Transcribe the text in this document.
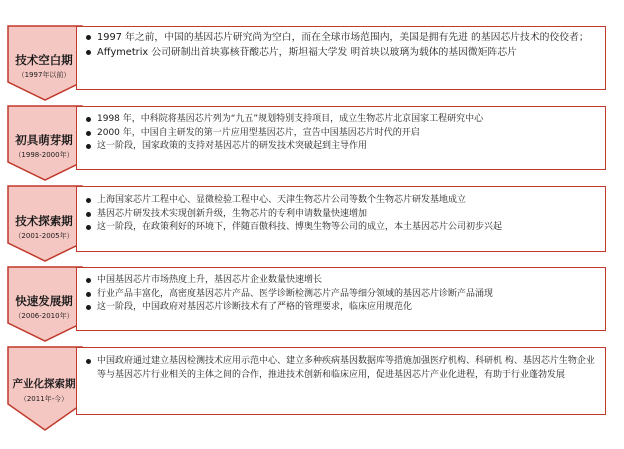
技术空白期
（1997年以前）
初具萌芽期
（1998-2000年）
技术探索期
（2001-2005年）
快速发展期
（2006-2010年）
产业化探索期
（2011年-今）
1997 年之前，中国的基因芯片研究尚为空白，而在全球市场范围内，美国是拥有先进 的基因芯片技术的佼佼者；
Affymetrix 公司研制出首块寡核苷酸芯片，斯坦福大学发 明首块以玻璃为载体的基因微矩阵芯片
1998 年，中科院将基因芯片列为“九五”规划特别支持项目，成立生物芯片北京国家工程研究中心
2000 年，中国自主研发的第一片应用型基因芯片，宣告中国基因芯片时代的开启
这一阶段，国家政策的支持对基因芯片的研发技术突破起到主导作用
上海国家芯片工程中心、显微检验工程中心、天津生物芯片公司等数个生物芯片研发基地成立
基因芯片研发技术实现创新升级，生物芯片的专利申请数量快速增加
这一阶段，在政策利好的环境下，伴随百傲科技、博奥生物等公司的成立，本土基因芯片公司初步兴起
中国基因芯片市场热度上升，基因芯片企业数量快速增长
行业产品丰富化，高密度基因芯片产品、医学诊断检测芯片产品等细分领域的基因芯片诊断产品涌现
这一阶段，中国政府对基因芯片诊断技术有了严格的管理要求，临床应用规范化
中国政府通过建立基因检测技术应用示范中心、建立多种疾病基因数据库等措施加强医疗机构、科研机 构、基因芯片生物企业等与基因芯片行业相关的主体之间的合作，推进技术创新和临床应用，促进基因芯片产业化进程，有助于行业蓬勃发展
